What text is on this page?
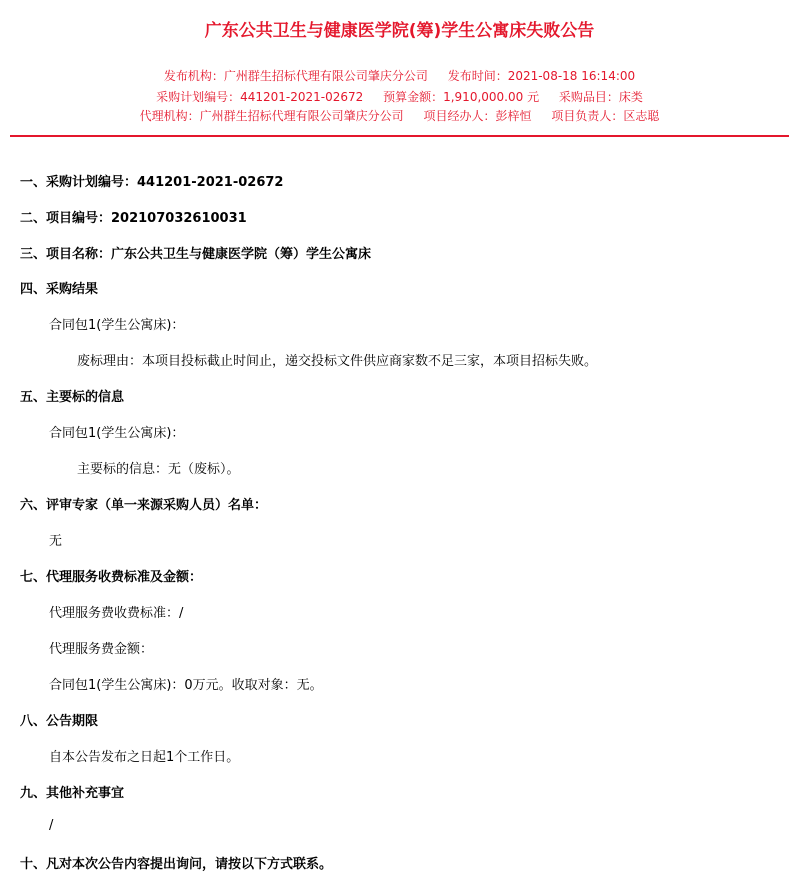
广东公共卫生与健康医学院(筹)学生公寓床失败公告
发布机构：广州群生招标代理有限公司肇庆分公司 发布时间：2021-08-18 16:14:00
采购计划编号：441201-2021-02672 预算金额：1,910,000.00 元 采购品目：床类
代理机构：广州群生招标代理有限公司肇庆分公司 项目经办人：彭梓恒 项目负责人：区志聪
一、采购计划编号：441201-2021-02672
二、项目编号：202107032610031
三、项目名称：广东公共卫生与健康医学院（筹）学生公寓床
四、采购结果
合同包1(学生公寓床)：
废标理由：本项目投标截止时间止，递交投标文件供应商家数不足三家，本项目招标失败。
五、主要标的信息
合同包1(学生公寓床)：
主要标的信息：无（废标）。
六、评审专家（单一来源采购人员）名单：
无
七、代理服务收费标准及金额：
代理服务费收费标准：/
代理服务费金额：
合同包1(学生公寓床)：0万元。收取对象：无。
八、公告期限
自本公告发布之日起1个工作日。
九、其他补充事宜
/
十、凡对本次公告内容提出询问，请按以下方式联系。
